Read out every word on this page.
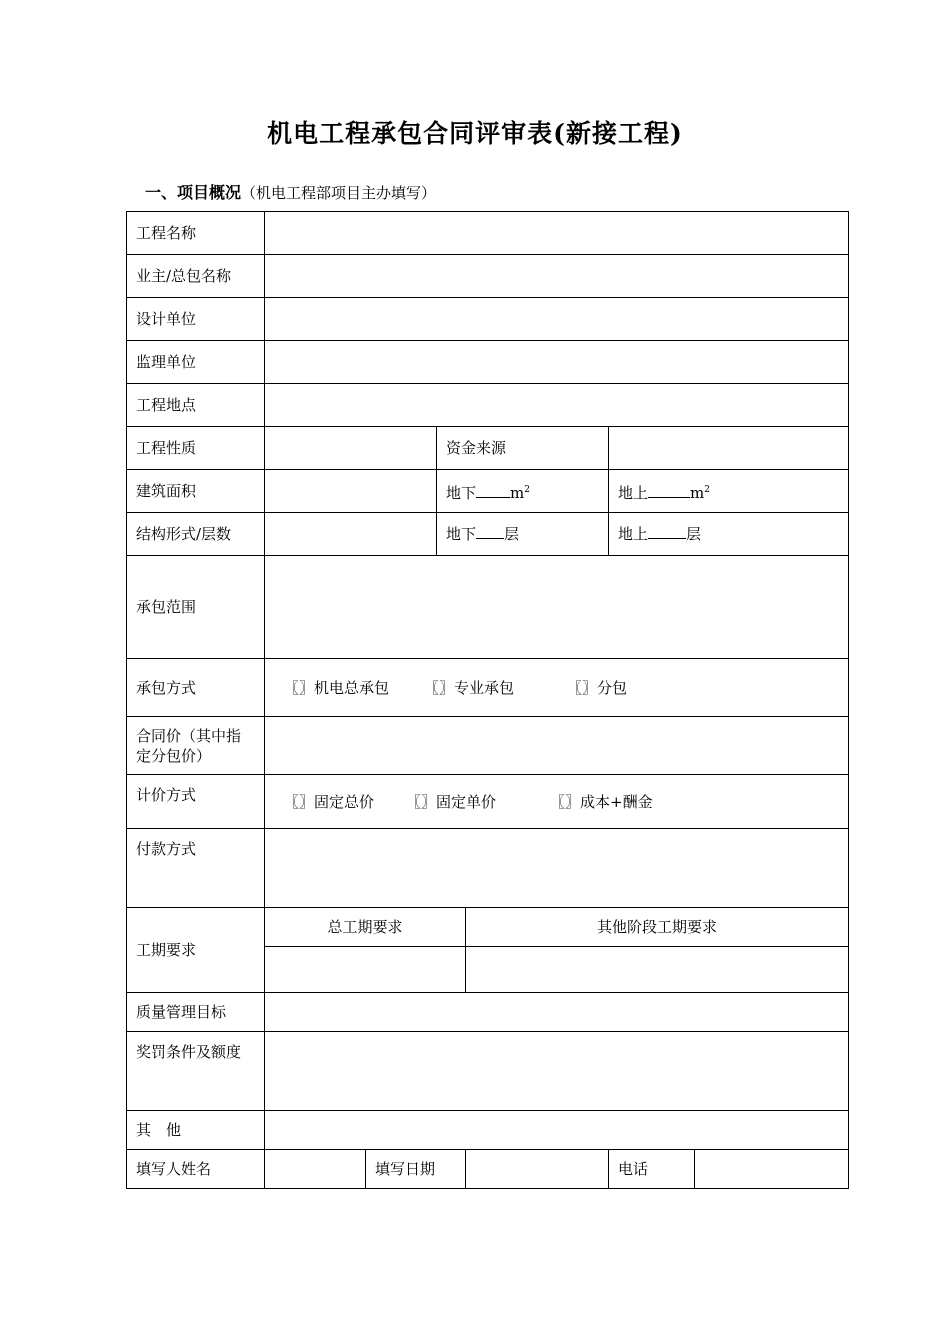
机电工程承包合同评审表(新接工程)
一、项目概况（机电工程部项目主办填写）
工程名称						
业主/总包名称						
设计单位						
监理单位						
工程地点						
工程性质			资金来源			
建筑面积			地下 $m^2$		地上 $m^2$
结构形式/层数			地下 层		地上 层	
承包范围						
承包方式	〖〗机电总承包 〖〗专业承包 〖〗分包					
合同价（其中指定分包价）						
计价方式	〖〗固定总价 〖〗固定单价 〖〗成本+酬金					
付款方式						
工期要求	总工期要求			其他阶段工期要求		

质量管理目标						
奖罚条件及额度						
其　他						
填写人姓名		填写日期			电话	
